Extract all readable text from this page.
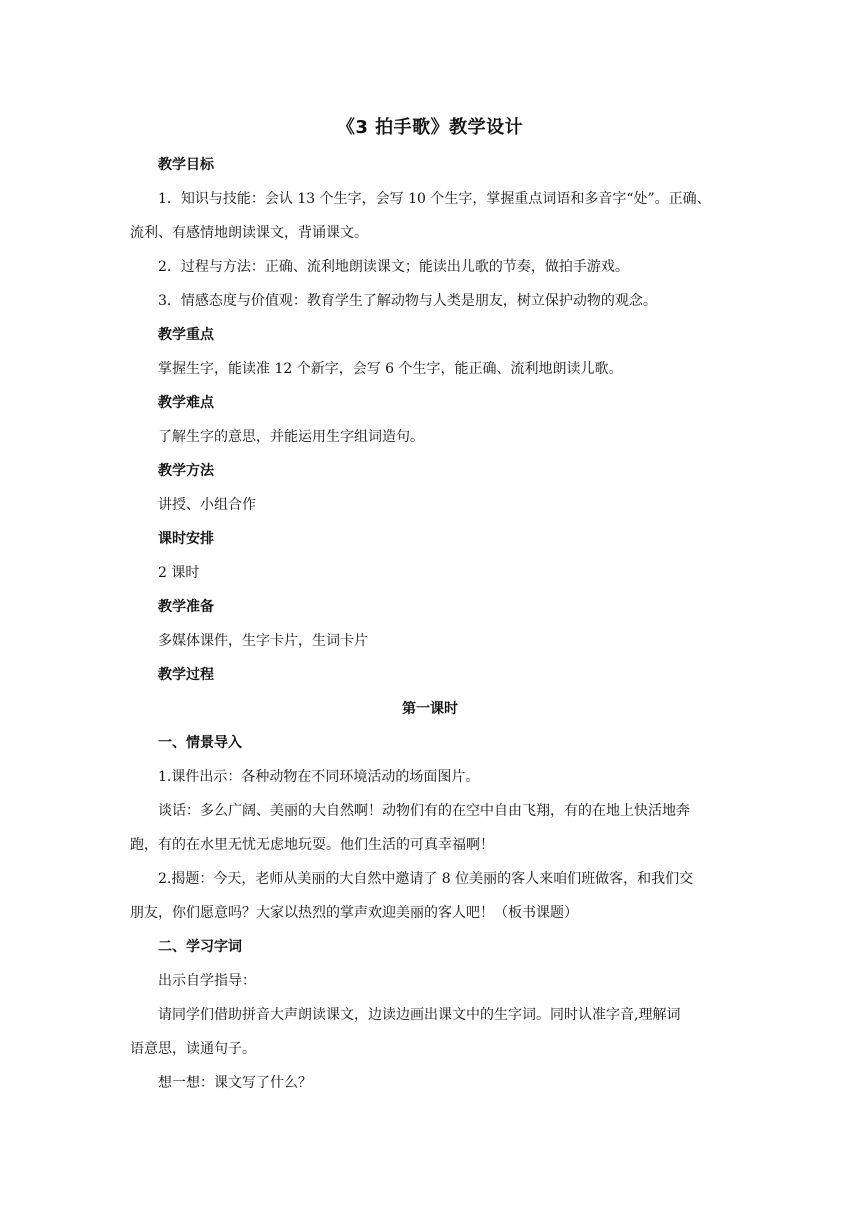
《3 拍手歌》教学设计
教学目标
1．知识与技能：会认 13 个生字，会写 10 个生字，掌握重点词语和多音字“处”。正确、
流利、有感情地朗读课文，背诵课文。
2．过程与方法：正确、流利地朗读课文；能读出儿歌的节奏，做拍手游戏。
3．情感态度与价值观：教育学生了解动物与人类是朋友，树立保护动物的观念。
教学重点
掌握生字，能读准 12 个新字，会写 6 个生字，能正确、流利地朗读儿歌。
教学难点
了解生字的意思，并能运用生字组词造句。
教学方法
讲授、小组合作
课时安排
2 课时
教学准备
多媒体课件，生字卡片，生词卡片
教学过程
第一课时
一、情景导入
1.课件出示：各种动物在不同环境活动的场面图片。
谈话：多么广阔、美丽的大自然啊！动物们有的在空中自由飞翔，有的在地上快活地奔
跑，有的在水里无忧无虑地玩耍。他们生活的可真幸福啊！
2.揭题：今天，老师从美丽的大自然中邀请了 8 位美丽的客人来咱们班做客，和我们交
朋友，你们愿意吗？大家以热烈的掌声欢迎美丽的客人吧！（板书课题）
二、学习字词
出示自学指导：
请同学们借助拼音大声朗读课文，边读边画出课文中的生字词。同时认准字音,理解词
语意思，读通句子。
想一想：课文写了什么？
